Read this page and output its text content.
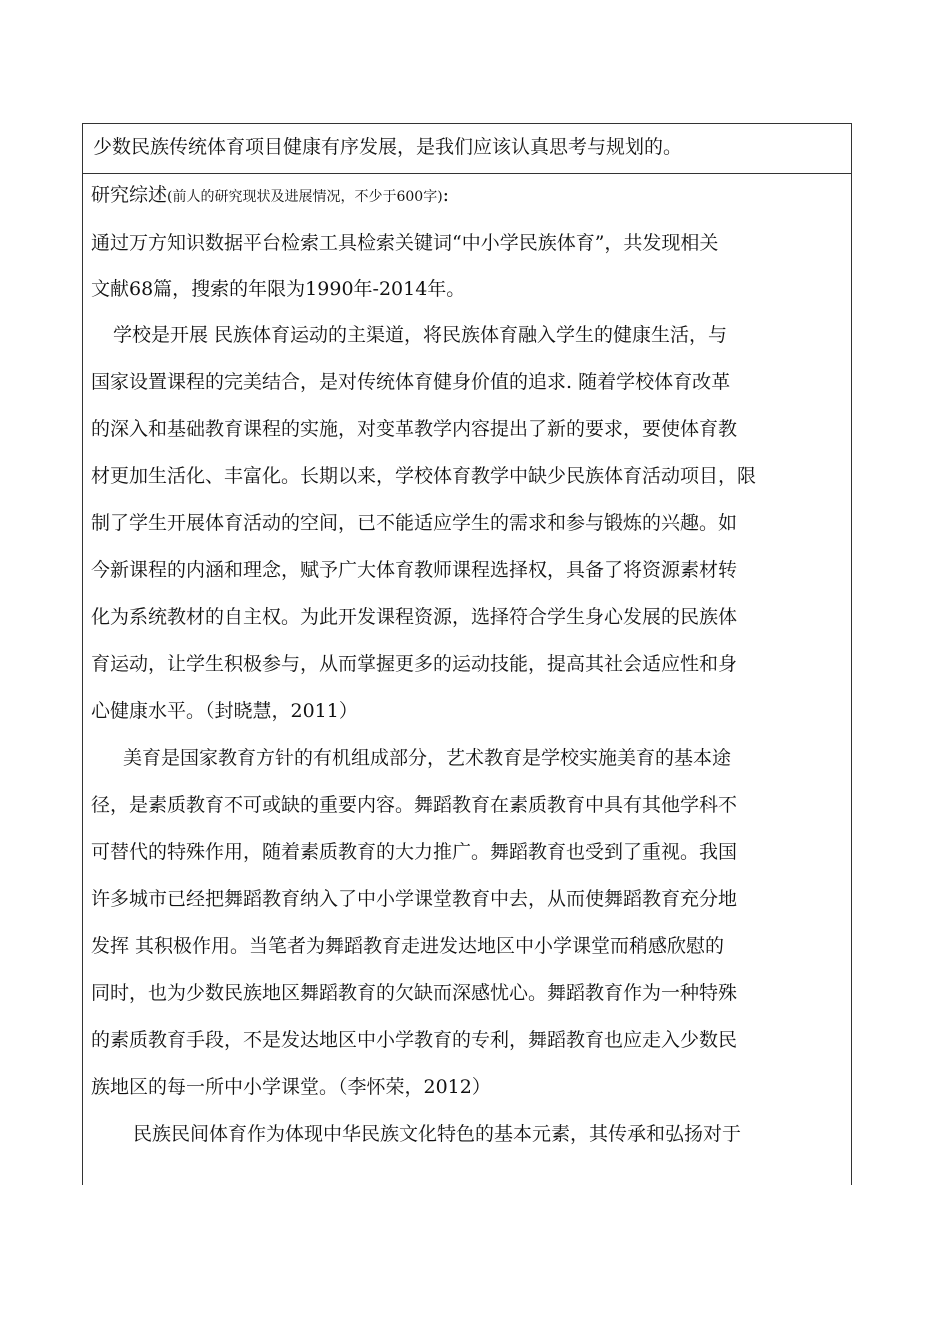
少数民族传统体育项目健康有序发展，是我们应该认真思考与规划的。
研究综述(前人的研究现状及进展情况，不少于600字):
通过万方知识数据平台检索工具检索关键词“中小学民族体育”，共发现相关
文献68篇，搜索的年限为1990年-2014年。
学校是开展 民族体育运动的主渠道，将民族体育融入学生的健康生活，与
国家设置课程的完美结合，是对传统体育健身价值的追求. 随着学校体育改革
的深入和基础教育课程的实施，对变革教学内容提出了新的要求，要使体育教
材更加生活化、丰富化。长期以来，学校体育教学中缺少民族体育活动项目，限
制了学生开展体育活动的空间，已不能适应学生的需求和参与锻炼的兴趣。如
今新课程的内涵和理念，赋予广大体育教师课程选择权，具备了将资源素材转
化为系统教材的自主权。为此开发课程资源，选择符合学生身心发展的民族体
育运动，让学生积极参与，从而掌握更多的运动技能，提高其社会适应性和身
心健康水平。（封晓慧，2011）
美育是国家教育方针的有机组成部分，艺术教育是学校实施美育的基本途
径，是素质教育不可或缺的重要内容。舞蹈教育在素质教育中具有其他学科不
可替代的特殊作用，随着素质教育的大力推广。舞蹈教育也受到了重视。我国
许多城市已经把舞蹈教育纳入了中小学课堂教育中去，从而使舞蹈教育充分地
发挥 其积极作用。当笔者为舞蹈教育走进发达地区中小学课堂而稍感欣慰的
同时，也为少数民族地区舞蹈教育的欠缺而深感忧心。舞蹈教育作为一种特殊
的素质教育手段，不是发达地区中小学教育的专利，舞蹈教育也应走入少数民
族地区的每一所中小学课堂。（李怀荣，2012）
民族民间体育作为体现中华民族文化特色的基本元素，其传承和弘扬对于
